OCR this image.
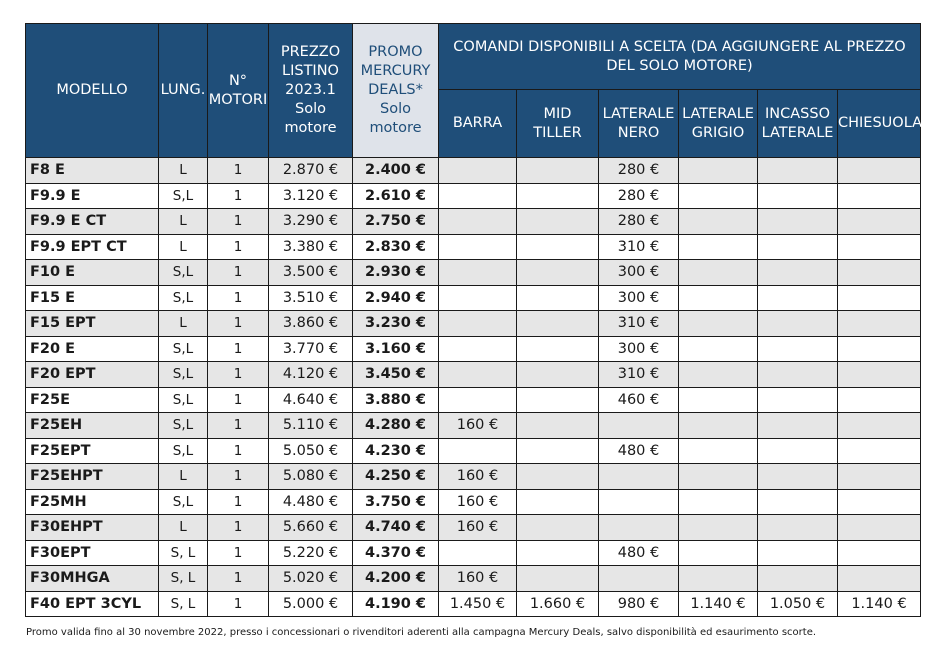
MODELLO	LUNG.	N° MOTORI	PREZZO LISTINO 2023.1 Solo motore	PROMO MERCURY DEALS* Solo motore	COMANDI DISPONIBILI A SCELTA (DA AGGIUNGERE AL PREZZO DEL SOLO MOTORE)					
					BARRA	MID TILLER	LATERALE NERO	LATERALE GRIGIO	INCASSO LATERALE	CHIESUOLA
F8 E	L	1	2.870 €	2.400 €			280 €			
F9.9 E	S,L	1	3.120 €	2.610 €			280 €			
F9.9 E CT	L	1	3.290 €	2.750 €			280 €			
F9.9 EPT CT	L	1	3.380 €	2.830 €			310 €			
F10 E	S,L	1	3.500 €	2.930 €			300 €			
F15 E	S,L	1	3.510 €	2.940 €			300 €			
F15 EPT	L	1	3.860 €	3.230 €			310 €			
F20 E	S,L	1	3.770 €	3.160 €			300 €			
F20 EPT	S,L	1	4.120 €	3.450 €			310 €			
F25E	S,L	1	4.640 €	3.880 €			460 €			
F25EH	S,L	1	5.110 €	4.280 €	160 €					
F25EPT	S,L	1	5.050 €	4.230 €			480 €			
F25EHPT	L	1	5.080 €	4.250 €	160 €					
F25MH	S,L	1	4.480 €	3.750 €	160 €					
F30EHPT	L	1	5.660 €	4.740 €	160 €					
F30EPT	S, L	1	5.220 €	4.370 €			480 €			
F30MHGA	S, L	1	5.020 €	4.200 €	160 €					
F40 EPT 3CYL	S, L	1	5.000 €	4.190 €	1.450 €	1.660 €	980 €	1.140 €	1.050 €	1.140 €
Promo valida fino al 30 novembre 2022, presso i concessionari o rivenditori aderenti alla campagna Mercury Deals, salvo disponibilità ed esaurimento scorte.
